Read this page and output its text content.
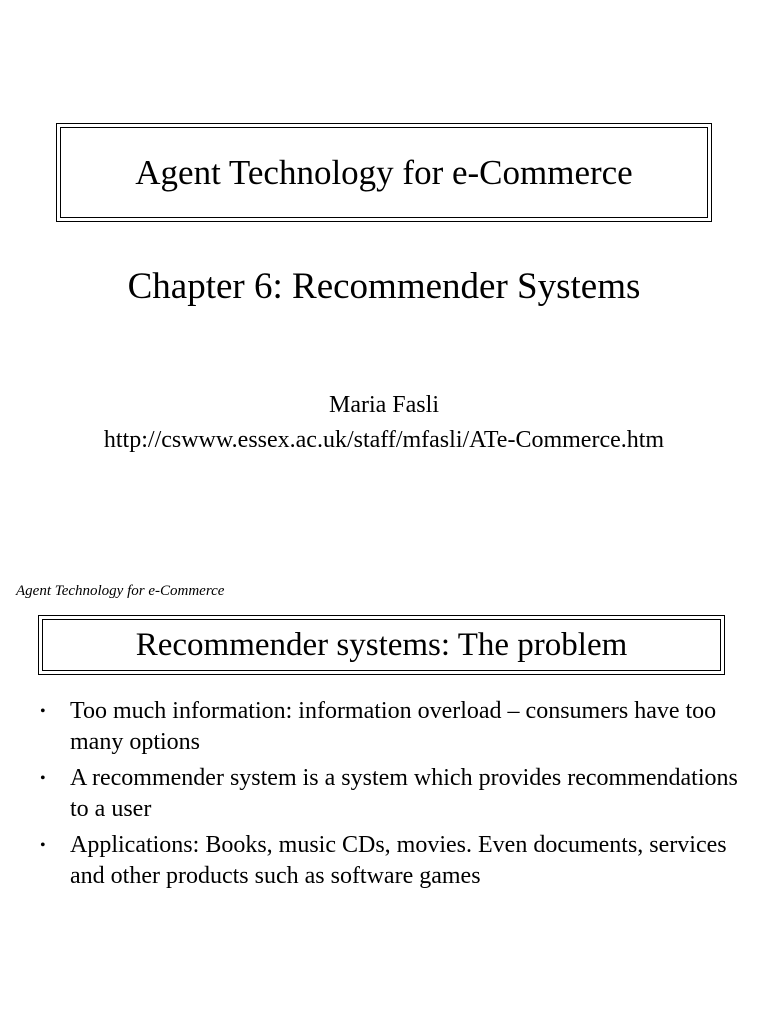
Agent Technology for e-Commerce
Chapter 6: Recommender Systems
Maria Fasli
http://cswww.essex.ac.uk/staff/mfasli/ATe-Commerce.htm
Agent Technology for e-Commerce
Recommender systems: The problem
• Too much information: information overload – consumers have too many options
• A recommender system is a system which provides recommendations to a user
• Applications: Books, music CDs, movies. Even documents, services and other products such as software games
